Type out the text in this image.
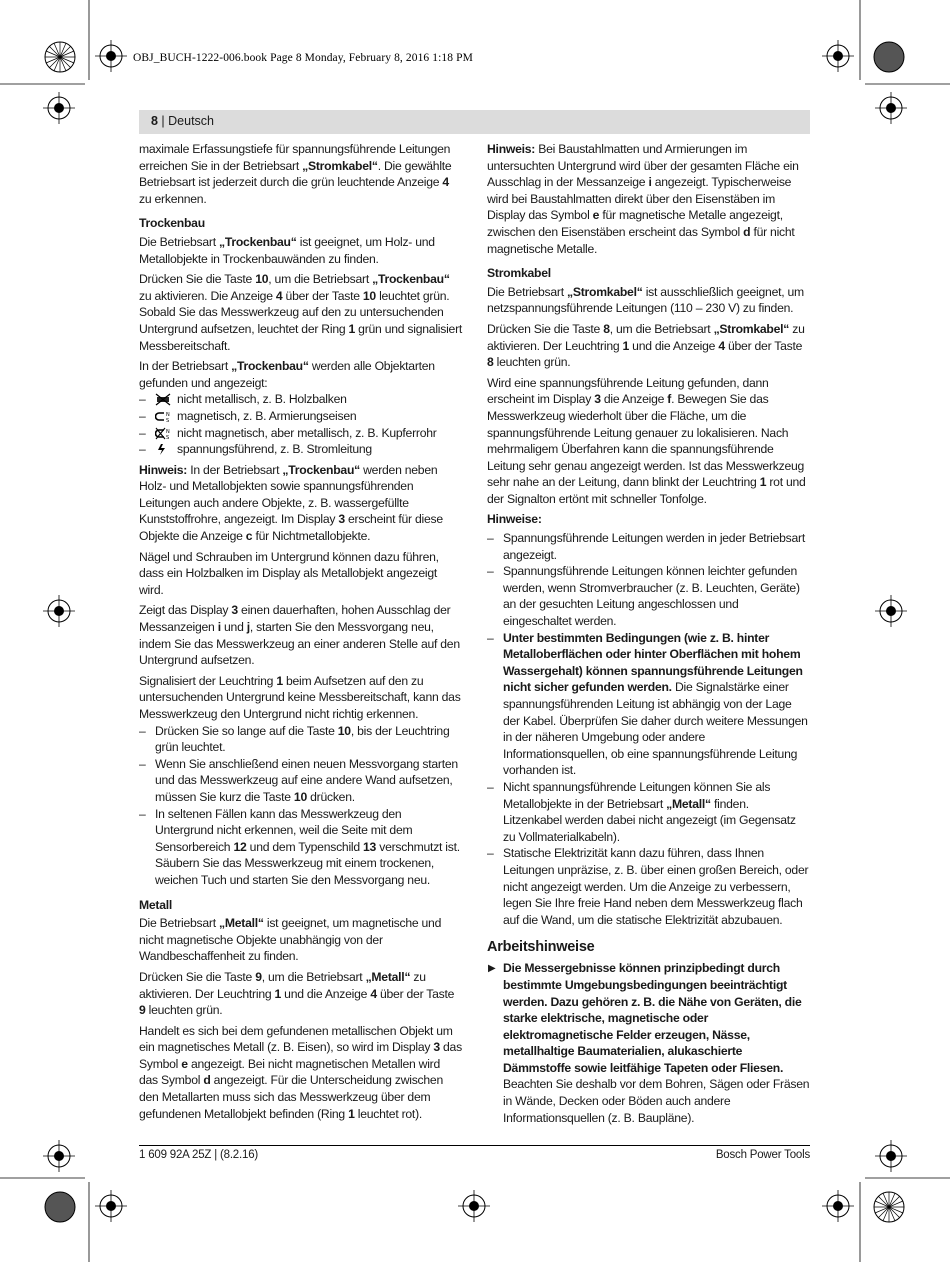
OBJ_BUCH-1222-006.book Page 8 Monday, February 8, 2016 1:18 PM
8 | Deutsch

maximale Erfassungstiefe für spannungsführende Leitungen erreichen Sie in der Betriebsart „Stromkabel“. Die gewählte Betriebsart ist jederzeit durch die grün leuchtende Anzeige 4 zu erkennen.

Trockenbau

Die Betriebsart „Trockenbau“ ist geeignet, um Holz- und Metallobjekte in Trockenbauwänden zu finden.

Drücken Sie die Taste 10, um die Betriebsart „Trockenbau“ zu aktivieren. Die Anzeige 4 über der Taste 10 leuchtet grün. Sobald Sie das Messwerkzeug auf den zu untersuchenden Untergrund aufsetzen, leuchtet der Ring 1 grün und signalisiert Messbereitschaft.

In der Betriebsart „Trockenbau“ werden alle Objektarten gefunden und angezeigt:

– nicht metallisch, z. B. Holzbalken
– N
S magnetisch, z. B. Armierungseisen
– N
S nicht magnetisch, aber metallisch, z. B. Kupferrohr
– spannungsführend, z. B. Stromleitung

Hinweis: In der Betriebsart „Trockenbau“ werden neben Holz- und Metallobjekten sowie spannungsführenden Leitungen auch andere Objekte, z. B. wassergefüllte Kunststoffrohre, angezeigt. Im Display 3 erscheint für diese Objekte die Anzeige c für Nichtmetallobjekte.

Nägel und Schrauben im Untergrund können dazu führen, dass ein Holzbalken im Display als Metallobjekt angezeigt wird.

Zeigt das Display 3 einen dauerhaften, hohen Ausschlag der Messanzeigen i und j, starten Sie den Messvorgang neu, indem Sie das Messwerkzeug an einer anderen Stelle auf den Untergrund aufsetzen.

Signalisiert der Leuchtring 1 beim Aufsetzen auf den zu untersuchenden Untergrund keine Messbereitschaft, kann das Messwerkzeug den Untergrund nicht richtig erkennen.

– Drücken Sie so lange auf die Taste 10, bis der Leuchtring grün leuchtet.
– Wenn Sie anschließend einen neuen Messvorgang starten und das Messwerkzeug auf eine andere Wand aufsetzen, müssen Sie kurz die Taste 10 drücken.
– In seltenen Fällen kann das Messwerkzeug den Untergrund nicht erkennen, weil die Seite mit dem Sensorbereich 12 und dem Typenschild 13 verschmutzt ist. Säubern Sie das Messwerkzeug mit einem trockenen, weichen Tuch und starten Sie den Messvorgang neu.
Metall

Die Betriebsart „Metall“ ist geeignet, um magnetische und nicht magnetische Objekte unabhängig von der Wandbeschaffenheit zu finden.

Drücken Sie die Taste 9, um die Betriebsart „Metall“ zu aktivieren. Der Leuchtring 1 und die Anzeige 4 über der Taste 9 leuchten grün.

Handelt es sich bei dem gefundenen metallischen Objekt um ein magnetisches Metall (z. B. Eisen), so wird im Display 3 das Symbol e angezeigt. Bei nicht magnetischen Metallen wird das Symbol d angezeigt. Für die Unterscheidung zwischen den Metallarten muss sich das Messwerkzeug über dem gefundenen Metallobjekt befinden (Ring 1 leuchtet rot).

Hinweis: Bei Baustahlmatten und Armierungen im untersuchten Untergrund wird über der gesamten Fläche ein Ausschlag in der Messanzeige i angezeigt. Typischerweise wird bei Baustahlmatten direkt über den Eisenstäben im Display das Symbol e für magnetische Metalle angezeigt, zwischen den Eisenstäben erscheint das Symbol d für nicht magnetische Metalle.

Stromkabel

Die Betriebsart „Stromkabel“ ist ausschließlich geeignet, um netzspannungsführende Leitungen (110 – 230 V) zu finden.

Drücken Sie die Taste 8, um die Betriebsart „Stromkabel“ zu aktivieren. Der Leuchtring 1 und die Anzeige 4 über der Taste 8 leuchten grün.

Wird eine spannungsführende Leitung gefunden, dann erscheint im Display 3 die Anzeige f. Bewegen Sie das Messwerkzeug wiederholt über die Fläche, um die spannungsführende Leitung genauer zu lokalisieren. Nach mehrmaligem Überfahren kann die spannungsführende Leitung sehr genau angezeigt werden. Ist das Messwerkzeug sehr nahe an der Leitung, dann blinkt der Leuchtring 1 rot und der Signalton ertönt mit schneller Tonfolge.

Hinweise:
– Spannungsführende Leitungen werden in jeder Betriebsart angezeigt.
– Spannungsführende Leitungen können leichter gefunden werden, wenn Stromverbraucher (z. B. Leuchten, Geräte) an der gesuchten Leitung angeschlossen und eingeschaltet werden.
– Unter bestimmten Bedingungen (wie z. B. hinter Metalloberflächen oder hinter Oberflächen mit hohem Wassergehalt) können spannungsführende Leitungen nicht sicher gefunden werden. Die Signalstärke einer spannungsführenden Leitung ist abhängig von der Lage der Kabel. Überprüfen Sie daher durch weitere Messungen in der näheren Umgebung oder andere Informationsquellen, ob eine spannungsführende Leitung vorhanden ist.
– Nicht spannungsführende Leitungen können Sie als Metallobjekte in der Betriebsart „Metall“ finden. Litzenkabel werden dabei nicht angezeigt (im Gegensatz zu Vollmaterialkabeln).
– Statische Elektrizität kann dazu führen, dass Ihnen Leitungen unpräzise, z. B. über einen großen Bereich, oder nicht angezeigt werden. Um die Anzeige zu verbessern, legen Sie Ihre freie Hand neben dem Messwerkzeug flach auf die Wand, um die statische Elektrizität abzubauen.
Arbeitshinweise
▶ Die Messergebnisse können prinzipbedingt durch bestimmte Umgebungsbedingungen beeinträchtigt werden. Dazu gehören z. B. die Nähe von Geräten, die starke elektrische, magnetische oder elektromagnetische Felder erzeugen, Nässe, metallhaltige Baumaterialien, alukaschierte Dämmstoffe sowie leitfähige Tapeten oder Fliesen. Beachten Sie deshalb vor dem Bohren, Sägen oder Fräsen in Wände, Decken oder Böden auch andere Informationsquellen (z. B. Baupläne).
1 609 92A 25Z | (8.2.16)	Bosch Power Tools
